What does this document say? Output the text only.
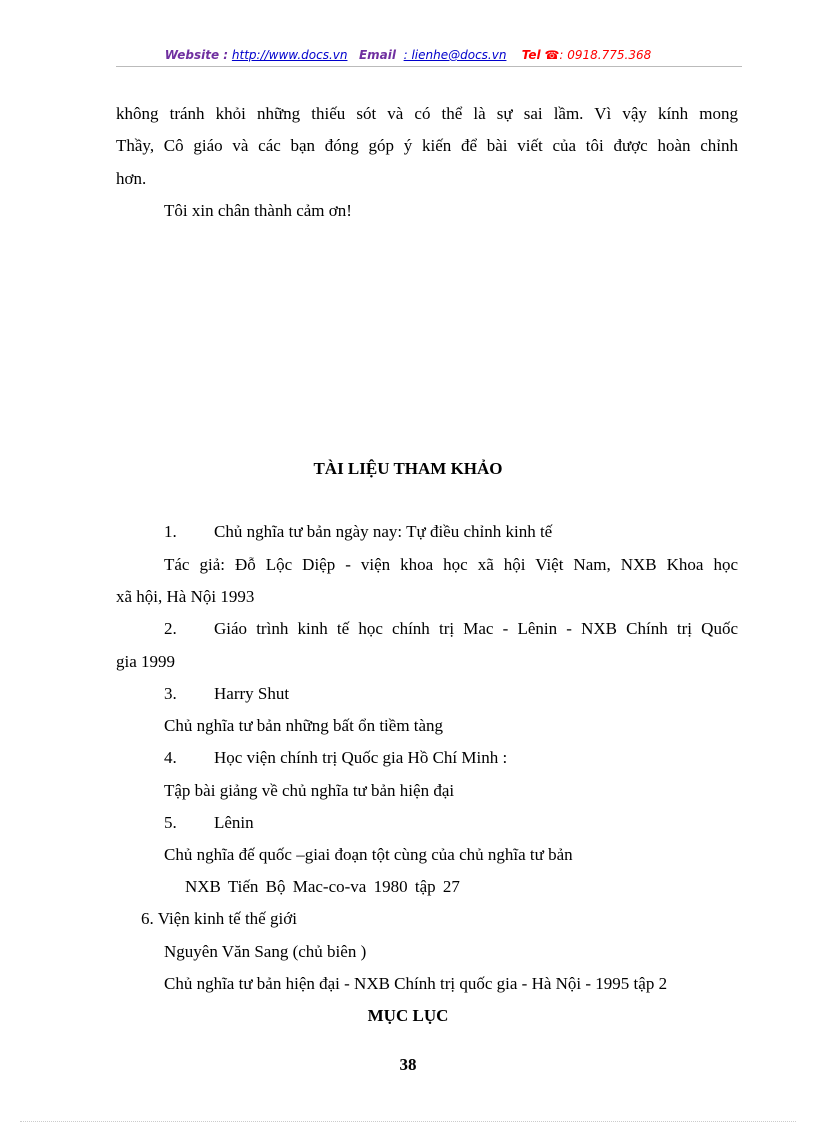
Website : http://www.docs.vn Email : lienhe@docs.vn Tel ☎: 0918.775.368
không tránh khỏi những thiếu sót và có thể là sự sai lầm. Vì vậy kính mong
Thầy, Cô giáo và các bạn đóng góp ý kiến để bài viết của tôi được hoàn chỉnh
hơn.
Tôi xin chân thành cảm ơn!
TÀI LIỆU THAM KHẢO
1. Chủ nghĩa tư bản ngày nay: Tự điều chỉnh kinh tế
Tác giả: Đỗ Lộc Diệp - viện khoa học xã hội Việt Nam, NXB Khoa học
xã hội, Hà Nội 1993
2. Giáo trình kinh tế học chính trị Mac - Lênin - NXB Chính trị Quốc
gia 1999
3. Harry Shut
Chủ nghĩa tư bản những bất ổn tiềm tàng
4. Học viện chính trị Quốc gia Hồ Chí Minh :
Tập bài giảng về chủ nghĩa tư bản hiện đại
5. Lênin
Chủ nghĩa đế quốc –giai đoạn tột cùng của chủ nghĩa tư bản
NXB Tiến Bộ Mac-co-va 1980 tập 27
6. Viện kinh tế thế giới
Nguyên Văn Sang (chủ biên )
Chủ nghĩa tư bản hiện đại - NXB Chính trị quốc gia - Hà Nội - 1995 tập 2
MỤC LỤC
38
